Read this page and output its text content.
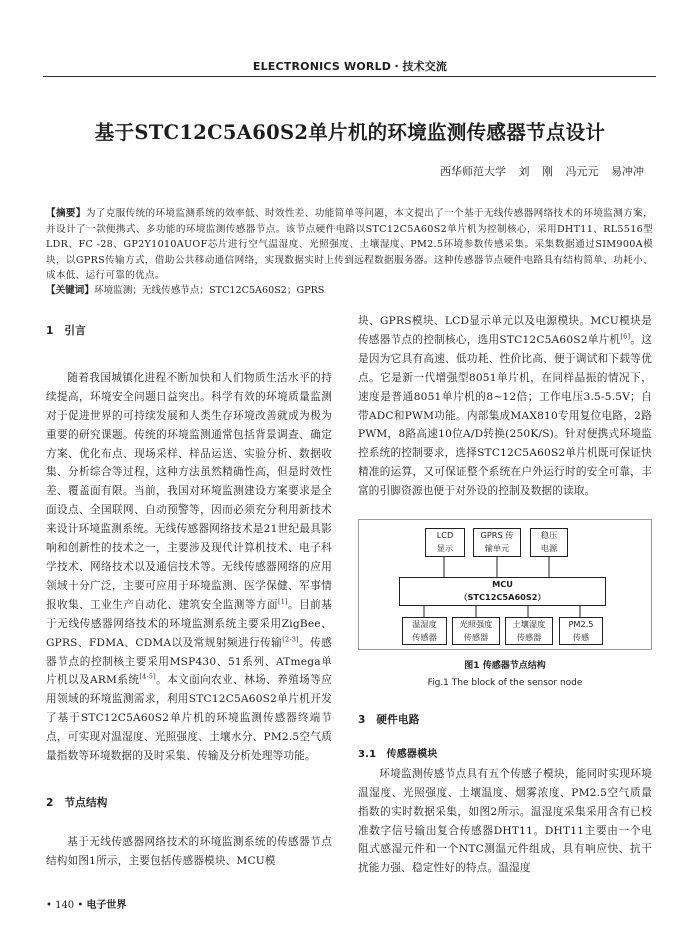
ELECTRONICS WORLD・技术交流
基于STC12C5A60S2单片机的环境监测传感器节点设计
西华师范大学 刘 刚 冯元元 易冲冲
【摘要】为了克服传统的环境监测系统的效率低、时效性差、功能简单等问题，本文提出了一个基于无线传感器网络技术的环境监测方案，并设计了一款便携式、多功能的环境监测传感器节点。该节点硬件电路以STC12C5A60S2单片机为控制核心，采用DHT11、RL5516型LDR、FC -28、GP2Y1010AUOF芯片进行空气温湿度、光照强度、土壤湿度、PM2.5环境参数传感采集。采集数据通过SIM900A模块，以GPRS传输方式，借助公共移动通信网络，实现数据实时上传到远程数据服务器。这种传感器节点硬件电路具有结构简单、功耗小、成本低、运行可靠的优点。
【关键词】环境监测；无线传感节点；STC12C5A60S2；GPRS

1　引言

随着我国城镇化进程不断加快和人们物质生活水平的持续提高，环境安全问题日益突出。科学有效的环境质量监测对于促进世界的可持续发展和人类生存环境改善就成为极为重要的研究课题。传统的环境监测通常包括背景调查、确定方案、优化布点、现场采样、样品运送、实验分析、数据收集、分析综合等过程，这种方法虽然精确性高，但是时效性差、覆盖面有限。当前，我国对环境监测建设方案要求是全面设点、全国联网、自动预警等，因而必须充分利用新技术来设计环境监测系统。无线传感器网络技术是21世纪最具影响和创新性的技术之一，主要涉及现代计算机技术、电子科学技术、网络技术以及通信技术等。无线传感器网络的应用领域十分广泛，主要可应用于环境监测、医学保健、军事情报收集、工业生产自动化、建筑安全监测等方面[1]。目前基于无线传感器网络技术的环境监测系统主要采用ZigBee、GPRS、FDMA、CDMA以及常规射频进行传输[2-3]。传感器节点的控制核主要采用MSP430、51系列、ATmega单片机以及ARM系统[4-5]。本文面向农业、林场、养殖场等应用领域的环境监测需求，利用STC12C5A60S2单片机开发了基于STC12C5A60S2单片机的环境监测传感器终端节点，可实现对温湿度、光照强度、土壤水分、PM2.5空气质量指数等环境数据的及时采集、传输及分析处理等功能。

2　节点结构

基于无线传感器网络技术的环境监测系统的传感器节点结构如图1所示，主要包括传感器模块、MCU模

块、GPRS模块、LCD显示单元以及电源模块。MCU模块是传感器节点的控制核心，选用STC12C5A60S2单片机[6]。这是因为它具有高速、低功耗、性价比高、便于调试和下载等优点。它是新一代增强型8051单片机，在同样晶振的情况下，速度是普通8051单片机的8~12倍；工作电压3.5-5.5V；自带ADC和PWM功能。内部集成MAX810专用复位电路，2路PWM，8路高速10位A/D转换(250K/S)。针对便携式环境监控系统的控制要求，选择STC12C5A60S2单片机既可保证快精准的运算，又可保证整个系统在户外运行时的安全可靠，丰富的引脚资源也便于对外设的控制及数据的读取。

LCD
显示
GPRS 传
输单元
稳压
电源
MCU
（STC12C5A60S2）
温湿度
传感器
光照强度
传感器
土壤湿度
传感器
PM2.5
传感
图1 传感器节点结构
Fig.1 The block of the sensor node

3　硬件电路

3.1　传感器模块

环境监测传感节点具有五个传感子模块，能同时实现环境温湿度、光照强度、土壤温度、烟雾浓度、PM2.5空气质量指数的实时数据采集，如图2所示。温湿度采集采用含有已校准数字信号输出复合传感器DHT11。DHT11主要由一个电阻式感湿元件和一个NTC测温元件组成，具有响应快、抗干扰能力强、稳定性好的特点。温湿度

• 140 • 电子世界
